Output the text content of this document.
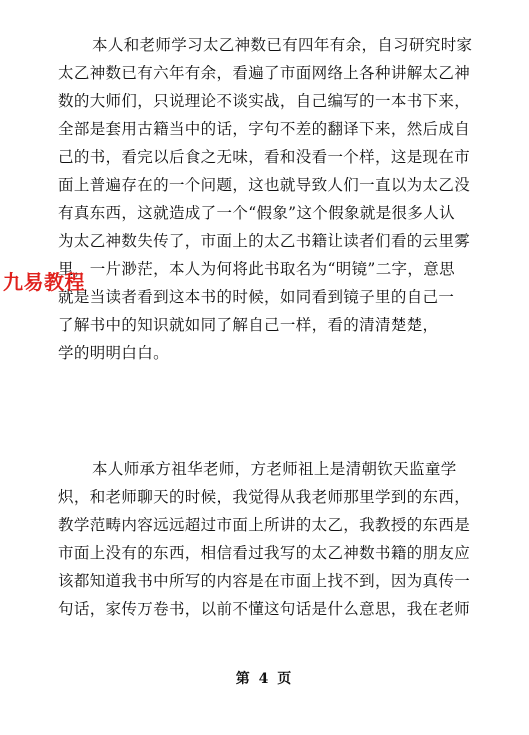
本人和老师学习太乙神数已有四年有余，自习研究时家
太乙神数已有六年有余，看遍了市面网络上各种讲解太乙神
数的大师们，只说理论不谈实战，自己编写的一本书下来，
全部是套用古籍当中的话，字句不差的翻译下来，然后成自
己的书，看完以后食之无味，看和没看一个样，这是现在市
面上普遍存在的一个问题，这也就导致人们一直以为太乙没
有真东西，这就造成了一个“假象”这个假象就是很多人认
为太乙神数失传了，市面上的太乙书籍让读者们看的云里雾
里，一片渺茫，本人为何将此书取名为“明镜”二字，意思
就是当读者看到这本书的时候，如同看到镜子里的自己一
了解书中的知识就如同了解自己一样，看的清清楚楚，
学的明明白白。
本人师承方祖华老师，方老师祖上是清朝钦天监童学
炽，和老师聊天的时候，我觉得从我老师那里学到的东西，
教学范畴内容远远超过市面上所讲的太乙，我教授的东西是
市面上没有的东西，相信看过我写的太乙神数书籍的朋友应
该都知道我书中所写的内容是在市面上找不到，因为真传一
句话，家传万卷书，以前不懂这句话是什么意思，我在老师
九易教程
第 4 页
